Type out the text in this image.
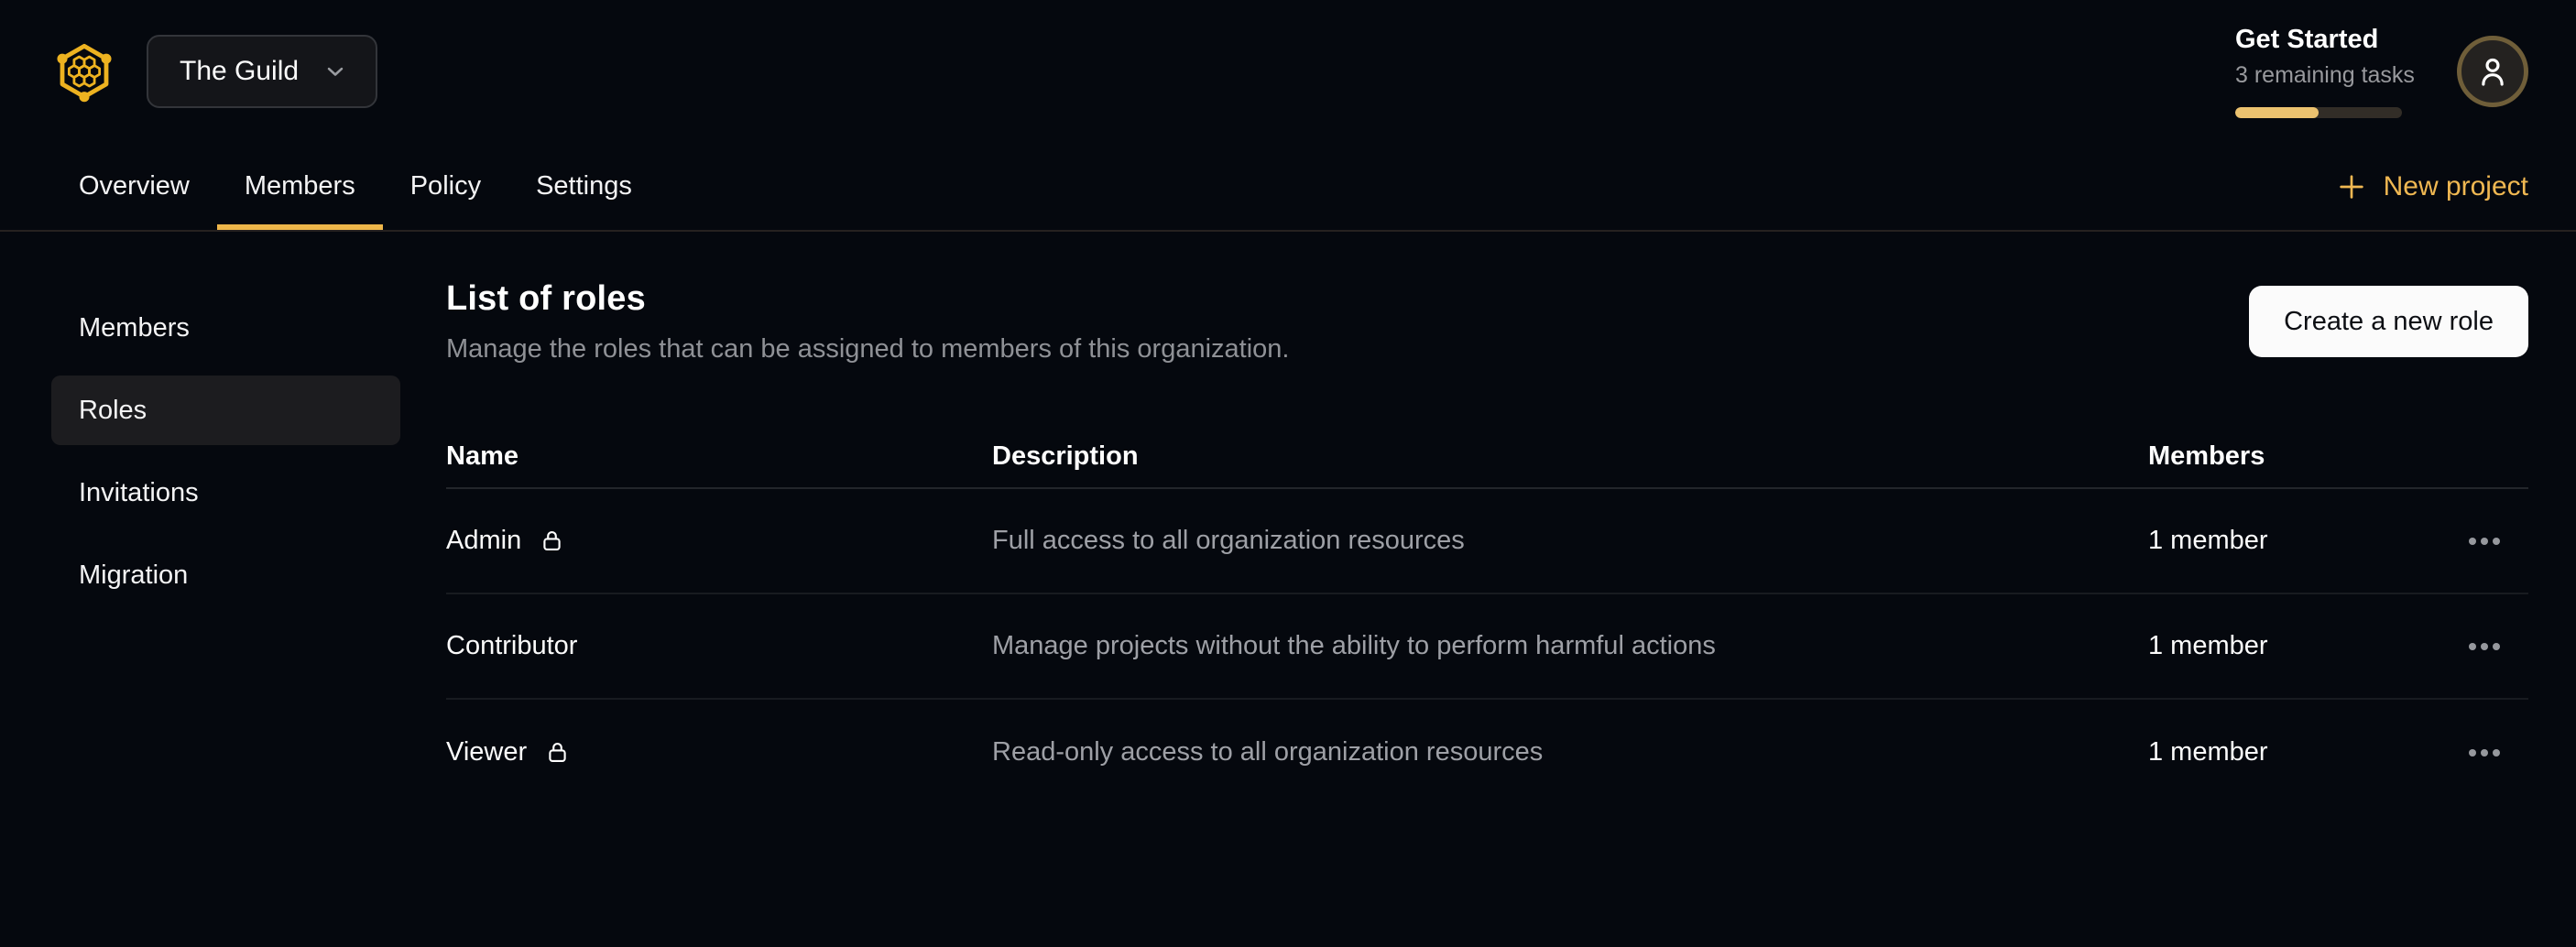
The Guild
Get Started
3 remaining tasks
Overview	Members	Policy	Settings	New project
Members
Roles
Invitations
Migration
List of roles

Manage the roles that can be assigned to members of this organization.

Create a new role
Name	Description	Members
Admin	Full access to all organization resources	1 member
Contributor	Manage projects without the ability to perform harmful actions	1 member
Viewer	Read-only access to all organization resources	1 member
